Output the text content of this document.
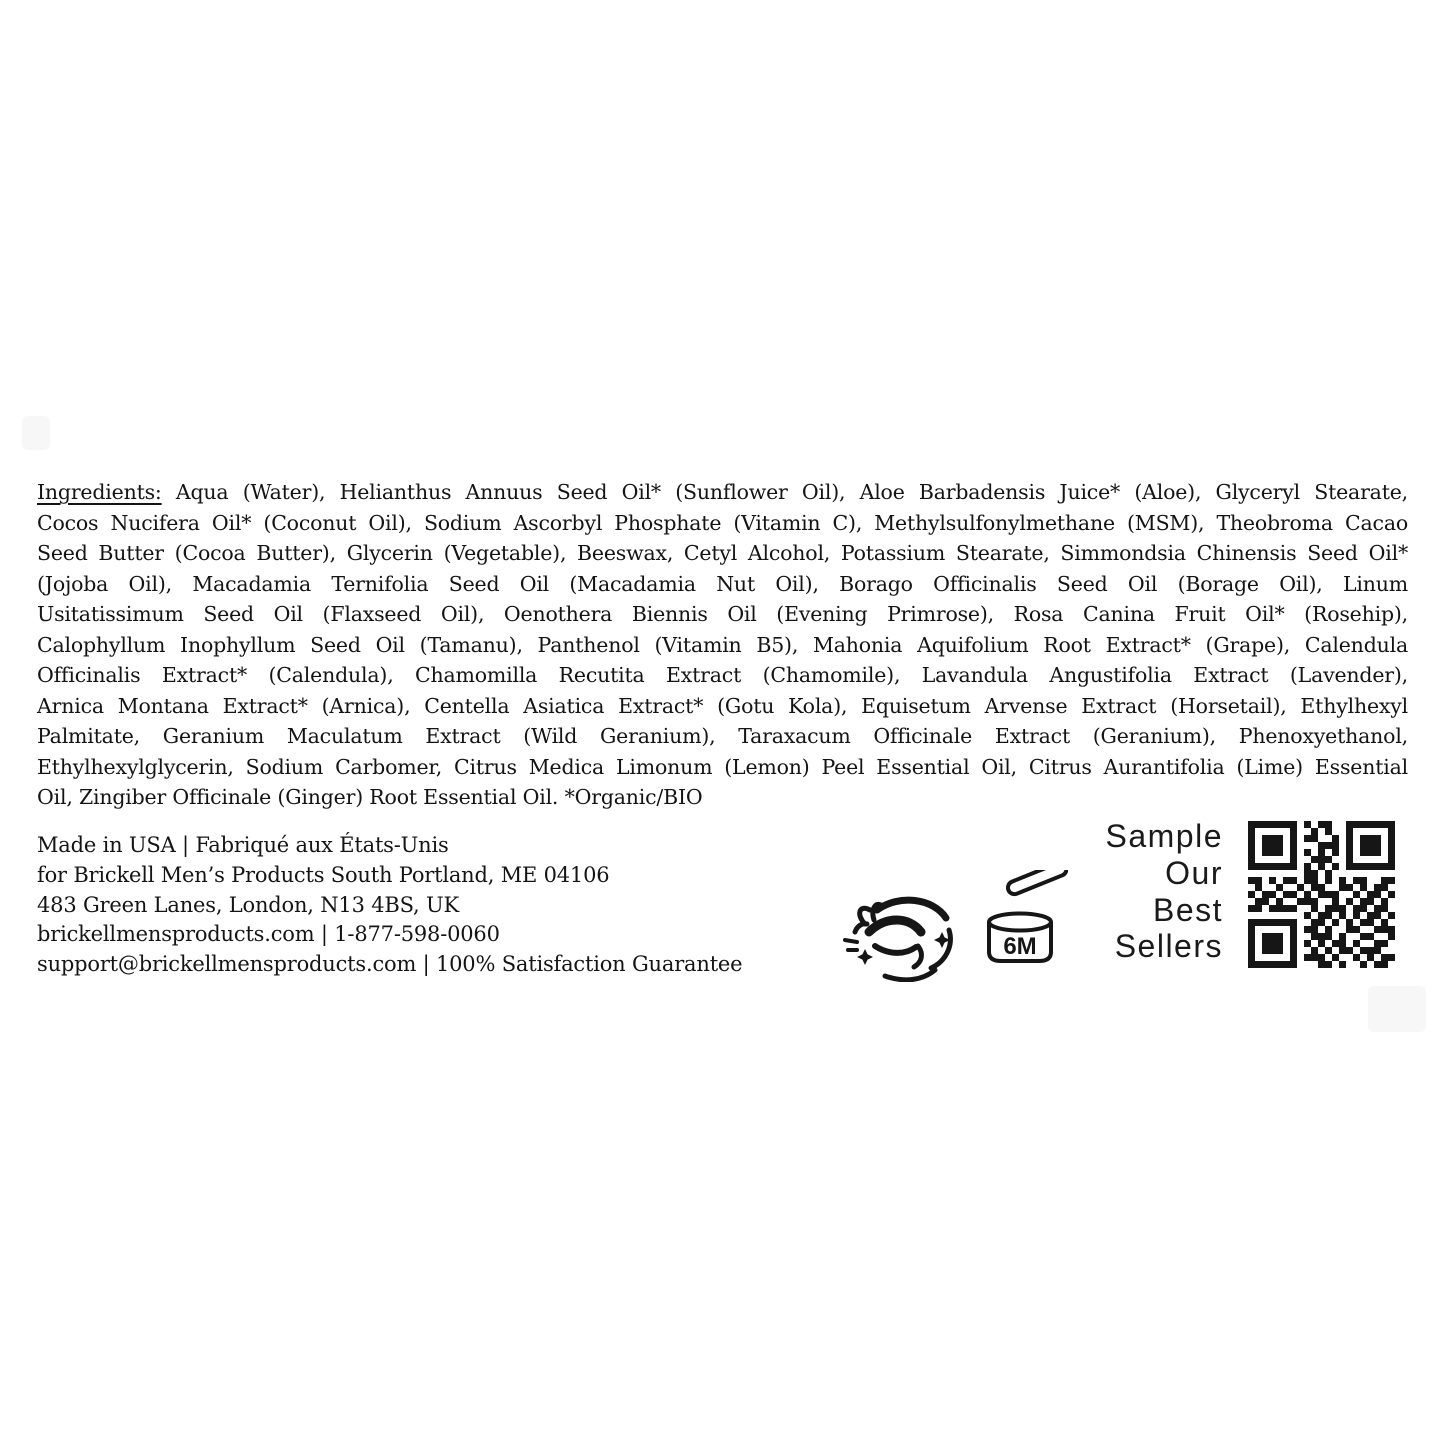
Ingredients: Aqua (Water), Helianthus Annuus Seed Oil* (Sunflower Oil), Aloe Barbadensis Juice* (Aloe), Glyceryl Stearate,
Cocos Nucifera Oil* (Coconut Oil), Sodium Ascorbyl Phosphate (Vitamin C), Methylsulfonylmethane (MSM), Theobroma Cacao
Seed Butter (Cocoa Butter), Glycerin (Vegetable), Beeswax, Cetyl Alcohol, Potassium Stearate, Simmondsia Chinensis Seed Oil*
(Jojoba Oil), Macadamia Ternifolia Seed Oil (Macadamia Nut Oil), Borago Officinalis Seed Oil (Borage Oil), Linum
Usitatissimum Seed Oil (Flaxseed Oil), Oenothera Biennis Oil (Evening Primrose), Rosa Canina Fruit Oil* (Rosehip),
Calophyllum Inophyllum Seed Oil (Tamanu), Panthenol (Vitamin B5), Mahonia Aquifolium Root Extract* (Grape), Calendula
Officinalis Extract* (Calendula), Chamomilla Recutita Extract (Chamomile), Lavandula Angustifolia Extract (Lavender),
Arnica Montana Extract* (Arnica), Centella Asiatica Extract* (Gotu Kola), Equisetum Arvense Extract (Horsetail), Ethylhexyl
Palmitate, Geranium Maculatum Extract (Wild Geranium), Taraxacum Officinale Extract (Geranium), Phenoxyethanol,
Ethylhexylglycerin, Sodium Carbomer, Citrus Medica Limonum (Lemon) Peel Essential Oil, Citrus Aurantifolia (Lime) Essential
Oil, Zingiber Officinale (Ginger) Root Essential Oil. *Organic/BIO
Made in USA | Fabriqué aux États-Unis
for Brickell Men’s Products South Portland, ME 04106
483 Green Lanes, London, N13 4BS, UK
brickellmensproducts.com | 1-877-598-0060
support@brickellmensproducts.com | 100% Satisfaction Guarantee
6M
Sample
Our
Best
Sellers
